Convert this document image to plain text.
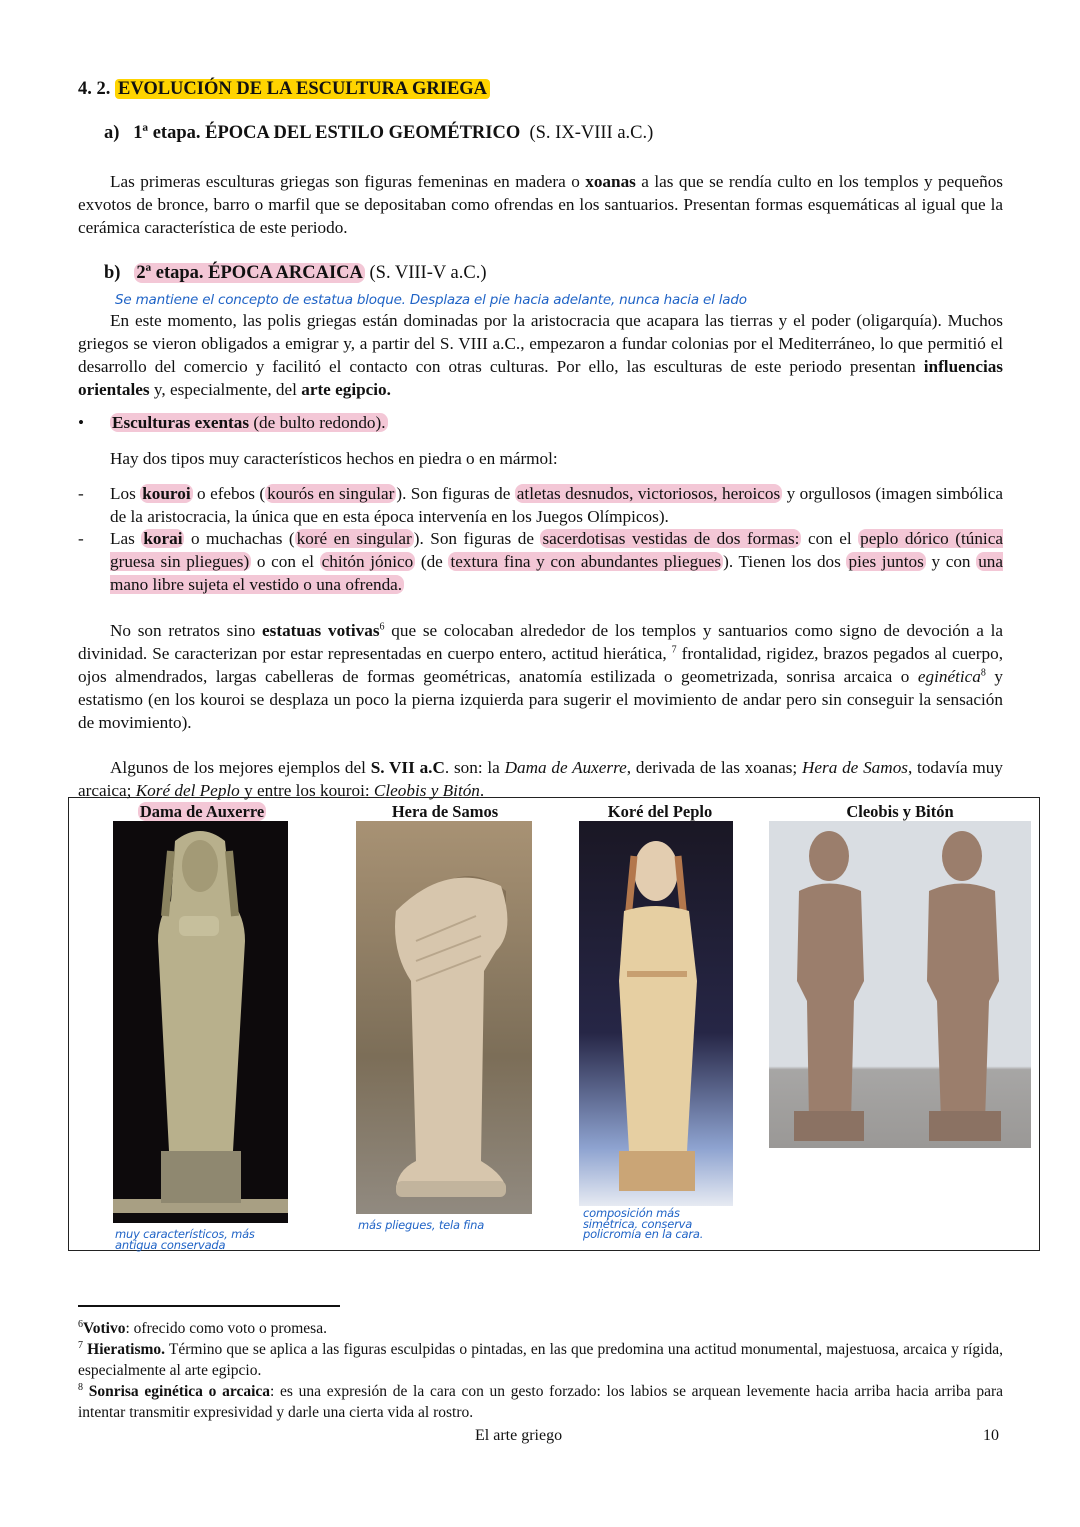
4. 2. EVOLUCIÓN DE LA ESCULTURA GRIEGA
a) 1ª etapa. ÉPOCA DEL ESTILO GEOMÉTRICO (S. IX-VIII a.C.)
Las primeras esculturas griegas son figuras femeninas en madera o xoanas a las que se rendía culto en los templos y pequeños exvotos de bronce, barro o marfil que se depositaban como ofrendas en los santuarios. Presentan formas esquemáticas al igual que la cerámica característica de este periodo.
b) 2ª etapa. ÉPOCA ARCAICA (S. VIII-V a.C.)
Se mantiene el concepto de estatua bloque. Desplaza el pie hacia adelante, nunca hacia el lado
En este momento, las polis griegas están dominadas por la aristocracia que acapara las tierras y el poder (oligarquía). Muchos griegos se vieron obligados a emigrar y, a partir del S. VIII a.C., empezaron a fundar colonias por el Mediterráneo, lo que permitió el desarrollo del comercio y facilitó el contacto con otras culturas. Por ello, las esculturas de este periodo presentan influencias orientales y, especialmente, del arte egipcio.
• Esculturas exentas (de bulto redondo).
Hay dos tipos muy característicos hechos en piedra o en mármol:
- Los kouroi o efebos ( kourós en singular ). Son figuras de atletas desnudos, victoriosos, heroicos y orgullosos (imagen simbólica de la aristocracia, la única que en esta época intervenía en los Juegos Olímpicos).
- Las korai o muchachas ( koré en singular ). Son figuras de sacerdotisas vestidas de dos formas: con el peplo dórico (túnica gruesa sin pliegues) o con el chitón jónico (de textura fina y con abundantes pliegues ). Tienen los dos pies juntos y con una mano libre sujeta el vestido o una ofrenda.
No son retratos sino estatuas votivas$^6$ que se colocaban alrededor de los templos y santuarios como signo de devoción a la divinidad. Se caracterizan por estar representadas en cuerpo entero, actitud hierática, $^7$ frontalidad, rigidez, brazos pegados al cuerpo, ojos almendrados, largas cabelleras de formas geométricas, anatomía estilizada o geometrizada, sonrisa arcaica o eginética$^8$ y estatismo (en los kouroi se desplaza un poco la pierna izquierda para sugerir el movimiento de andar pero sin conseguir la sensación de movimiento).
Algunos de los mejores ejemplos del S. VII a.C. son: la Dama de Auxerre, derivada de las xoanas; Hera de Samos, todavía muy arcaica; Koré del Peplo y entre los kouroi: Cleobis y Bitón.
Dama de Auxerre	Hera de Samos	Koré del Peplo	Cleobis y Bitón
muy característicos, más antigua conservada
más pliegues, tela fina
composición más simétrica. conserva policromía en la cara.
$^6$Votivo: ofrecido como voto o promesa.
$^7$ Hieratismo. Término que se aplica a las figuras esculpidas o pintadas, en las que predomina una actitud monumental, majestuosa, arcaica y rígida, especialmente al arte egipcio.
$^8$ Sonrisa eginética o arcaica: es una expresión de la cara con un gesto forzado: los labios se arquean levemente hacia arriba hacia arriba para intentar transmitir expresividad y darle una cierta vida al rostro.
El arte griego	10
